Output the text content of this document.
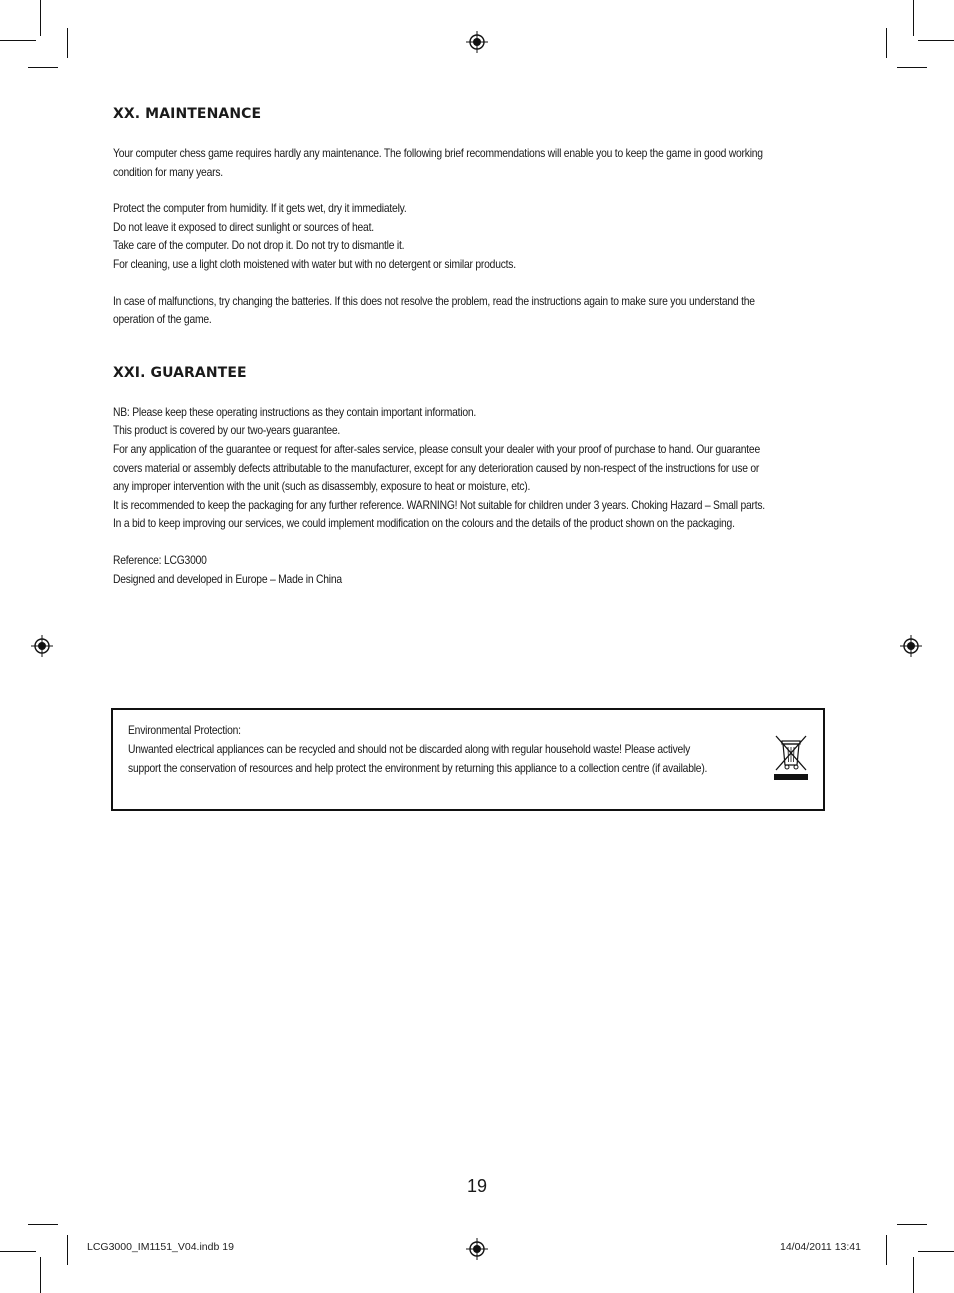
XX. MAINTENANCE
Your computer chess game requires hardly any maintenance. The following brief recommendations will enable you to keep the game in good working
condition for many years.
Protect the computer from humidity. If it gets wet, dry it immediately.
Do not leave it exposed to direct sunlight or sources of heat.
Take care of the computer. Do not drop it. Do not try to dismantle it.
For cleaning, use a light cloth moistened with water but with no detergent or similar products.
In case of malfunctions, try changing the batteries. If this does not resolve the problem, read the instructions again to make sure you understand the
operation of the game.
XXI. GUARANTEE
NB: Please keep these operating instructions as they contain important information.
This product is covered by our two-years guarantee.
For any application of the guarantee or request for after-sales service, please consult your dealer with your proof of purchase to hand. Our guarantee
covers material or assembly defects attributable to the manufacturer, except for any deterioration caused by non-respect of the instructions for use or
any improper intervention with the unit (such as disassembly, exposure to heat or moisture, etc).
It is recommended to keep the packaging for any further reference. WARNING! Not suitable for children under 3 years. Choking Hazard – Small parts.
In a bid to keep improving our services, we could implement modification on the colours and the details of the product shown on the packaging.
Reference: LCG3000
Designed and developed in Europe – Made in China
Environmental Protection:
Unwanted electrical appliances can be recycled and should not be discarded along with regular household waste! Please actively
support the conservation of resources and help protect the environment by returning this appliance to a collection centre (if available).
19
LCG3000_IM1151_V04.indb 19	14/04/2011 13:41
